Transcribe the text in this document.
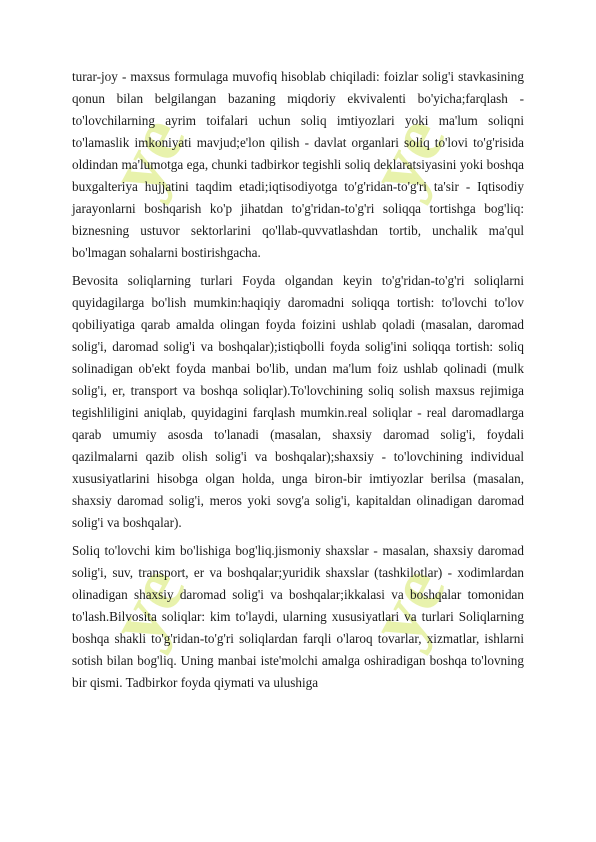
ye ye
ye ye

turar-joy - maxsus formulaga muvofiq hisoblab chiqiladi: foizlar solig'i stavkasining qonun bilan belgilangan bazaning miqdoriy ekvivalenti bo'yicha;farqlash - to'lovchilarning ayrim toifalari uchun soliq imtiyozlari yoki ma'lum soliqni to'lamaslik imkoniyati mavjud;e'lon qilish - davlat organlari soliq to'lovi to'g'risida oldindan ma'lumotga ega, chunki tadbirkor tegishli soliq deklaratsiyasini yoki boshqa buxgalteriya hujjatini taqdim etadi;iqtisodiyotga to'g'ridan-to'g'ri ta'sir - Iqtisodiy jarayonlarni boshqarish ko'p jihatdan to'g'ridan-to'g'ri soliqqa tortishga bog'liq: biznesning ustuvor sektorlarini qo'llab-quvvatlashdan tortib, unchalik ma'qul bo'lmagan sohalarni bostirishgacha.

Bevosita soliqlarning turlari Foyda olgandan keyin to'g'ridan-to'g'ri soliqlarni quyidagilarga bo'lish mumkin:haqiqiy daromadni soliqqa tortish: to'lovchi to'lov qobiliyatiga qarab amalda olingan foyda foizini ushlab qoladi (masalan, daromad solig'i, daromad solig'i va boshqalar);istiqbolli foyda solig'ini soliqqa tortish: soliq solinadigan ob'ekt foyda manbai bo'lib, undan ma'lum foiz ushlab qolinadi (mulk solig'i, er, transport va boshqa soliqlar).To'lovchining soliq solish maxsus rejimiga tegishliligini aniqlab, quyidagini farqlash mumkin.real soliqlar - real daromadlarga qarab umumiy asosda to'lanadi (masalan, shaxsiy daromad solig'i, foydali qazilmalarni qazib olish solig'i va boshqalar);shaxsiy - to'lovchining individual xususiyatlarini hisobga olgan holda, unga biron-bir imtiyozlar berilsa (masalan, shaxsiy daromad solig'i, meros yoki sovg'a solig'i, kapitaldan olinadigan daromad solig'i va boshqalar).

Soliq to'lovchi kim bo'lishiga bog'liq.jismoniy shaxslar - masalan, shaxsiy daromad solig'i, suv, transport, er va boshqalar;yuridik shaxslar (tashkilotlar) - xodimlardan olinadigan shaxsiy daromad solig'i va boshqalar;ikkalasi va boshqalar tomonidan to'lash.Bilvosita soliqlar: kim to'laydi, ularning xususiyatlari va turlari Soliqlarning boshqa shakli to'g'ridan-to'g'ri soliqlardan farqli o'laroq tovarlar, xizmatlar, ishlarni sotish bilan bog'liq. Uning manbai iste'molchi amalga oshiradigan boshqa to'lovning bir qismi. Tadbirkor foyda qiymati va ulushiga
